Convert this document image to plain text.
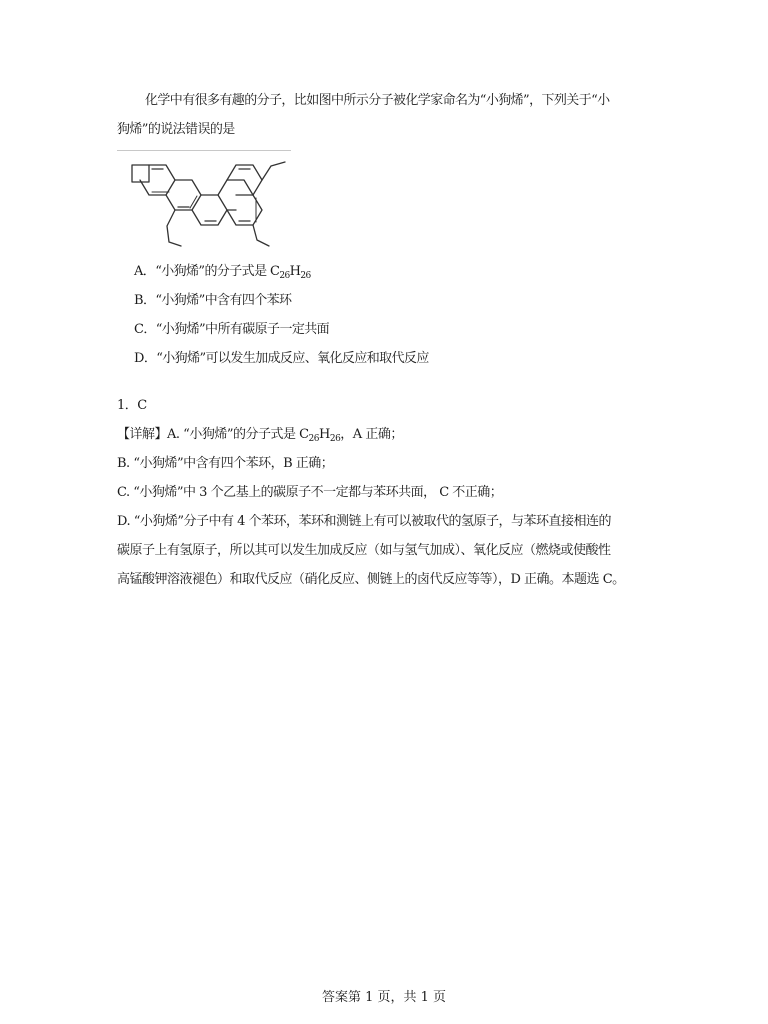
化学中有很多有趣的分子，比如图中所示分子被化学家命名为“小狗烯”，下列关于“小
狗烯”的说法错误的是
A．“小狗烯”的分子式是 $C_{26}H_{26}$
B．“小狗烯”中含有四个苯环
C．“小狗烯”中所有碳原子一定共面
D．“小狗烯”可以发生加成反应、氧化反应和取代反应
1．C
【详解】A. “小狗烯”的分子式是 $C_{26}H_{26}$，A 正确；
B. “小狗烯”中含有四个苯环，B 正确；
C. “小狗烯”中 3 个乙基上的碳原子不一定都与苯环共面， C 不正确；
D. “小狗烯”分子中有 4 个苯环，苯环和测链上有可以被取代的氢原子，与苯环直接相连的
碳原子上有氢原子，所以其可以发生加成反应（如与氢气加成）、氧化反应（燃烧或使酸性
高锰酸钾溶液褪色）和取代反应（硝化反应、侧链上的卤代反应等等），D 正确。本题选 C。
答案第 1 页，共 1 页
